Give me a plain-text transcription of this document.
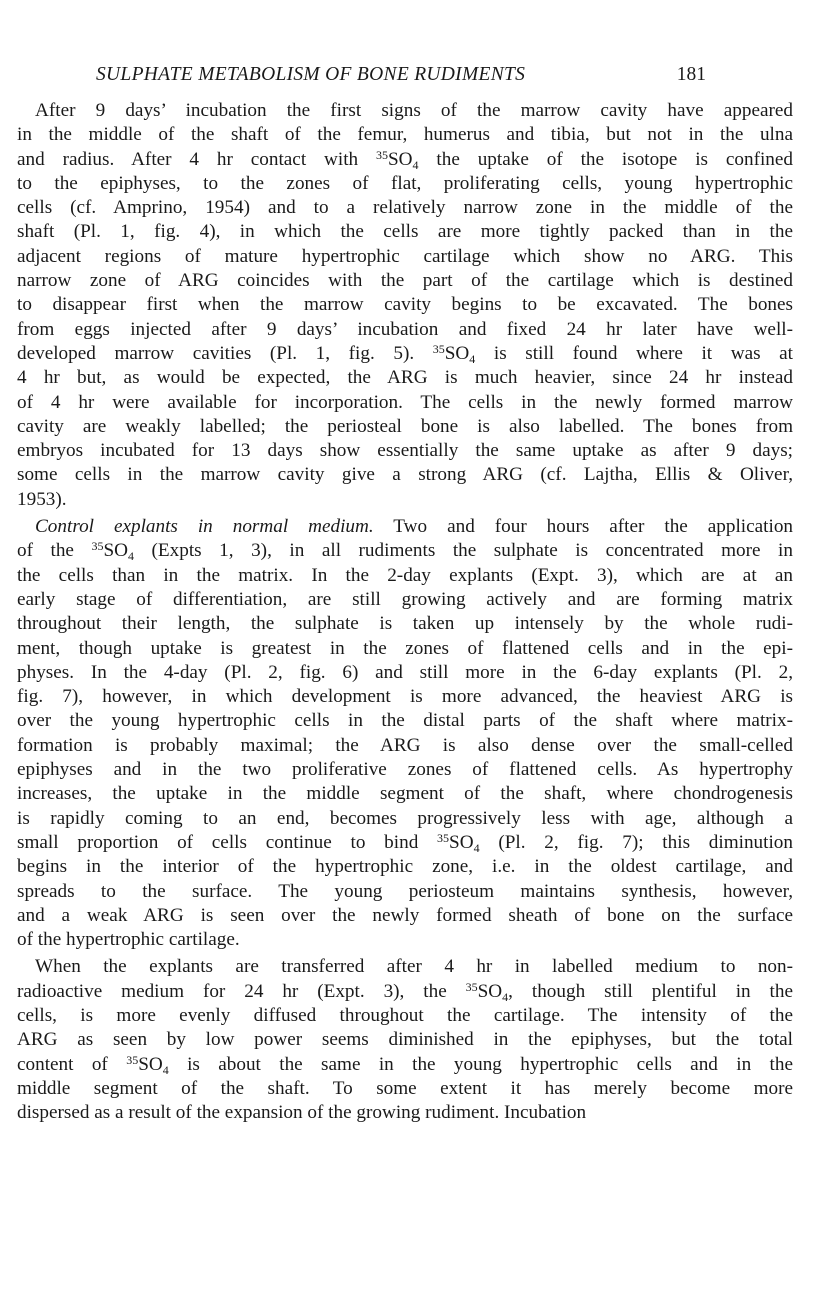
SULPHATE METABOLISM OF BONE RUDIMENTS	181
After 9 days’ incubation the first signs of the marrow cavity have appeared
in the middle of the shaft of the femur, humerus and tibia, but not in the ulna
and radius. After 4 hr contact with $^{35}SO_4$ the uptake of the isotope is confined
to the epiphyses, to the zones of flat, proliferating cells, young hypertrophic
cells (cf. Amprino, 1954) and to a relatively narrow zone in the middle of the
shaft (Pl. 1, fig. 4), in which the cells are more tightly packed than in the
adjacent regions of mature hypertrophic cartilage which show no ARG. This
narrow zone of ARG coincides with the part of the cartilage which is destined
to disappear first when the marrow cavity begins to be excavated. The bones
from eggs injected after 9 days’ incubation and fixed 24 hr later have well-
developed marrow cavities (Pl. 1, fig. 5). $^{35}SO_4$ is still found where it was at
4 hr but, as would be expected, the ARG is much heavier, since 24 hr instead
of 4 hr were available for incorporation. The cells in the newly formed marrow
cavity are weakly labelled; the periosteal bone is also labelled. The bones from
embryos incubated for 13 days show essentially the same uptake as after 9 days;
some cells in the marrow cavity give a strong ARG (cf. Lajtha, Ellis & Oliver,
1953).
Control explants in normal medium. Two and four hours after the application
of the $^{35}SO_4$ (Expts 1, 3), in all rudiments the sulphate is concentrated more in
the cells than in the matrix. In the 2-day explants (Expt. 3), which are at an
early stage of differentiation, are still growing actively and are forming matrix
throughout their length, the sulphate is taken up intensely by the whole rudi-
ment, though uptake is greatest in the zones of flattened cells and in the epi-
physes. In the 4-day (Pl. 2, fig. 6) and still more in the 6-day explants (Pl. 2,
fig. 7), however, in which development is more advanced, the heaviest ARG is
over the young hypertrophic cells in the distal parts of the shaft where matrix-
formation is probably maximal; the ARG is also dense over the small-celled
epiphyses and in the two proliferative zones of flattened cells. As hypertrophy
increases, the uptake in the middle segment of the shaft, where chondrogenesis
is rapidly coming to an end, becomes progressively less with age, although a
small proportion of cells continue to bind $^{35}SO_4$ (Pl. 2, fig. 7); this diminution
begins in the interior of the hypertrophic zone, i.e. in the oldest cartilage, and
spreads to the surface. The young periosteum maintains synthesis, however,
and a weak ARG is seen over the newly formed sheath of bone on the surface
of the hypertrophic cartilage.
When the explants are transferred after 4 hr in labelled medium to non-
radioactive medium for 24 hr (Expt. 3), the $^{35}SO_4$, though still plentiful in the
cells, is more evenly diffused throughout the cartilage. The intensity of the
ARG as seen by low power seems diminished in the epiphyses, but the total
content of $^{35}SO_4$ is about the same in the young hypertrophic cells and in the
middle segment of the shaft. To some extent it has merely become more
dispersed as a result of the expansion of the growing rudiment. Incubation
